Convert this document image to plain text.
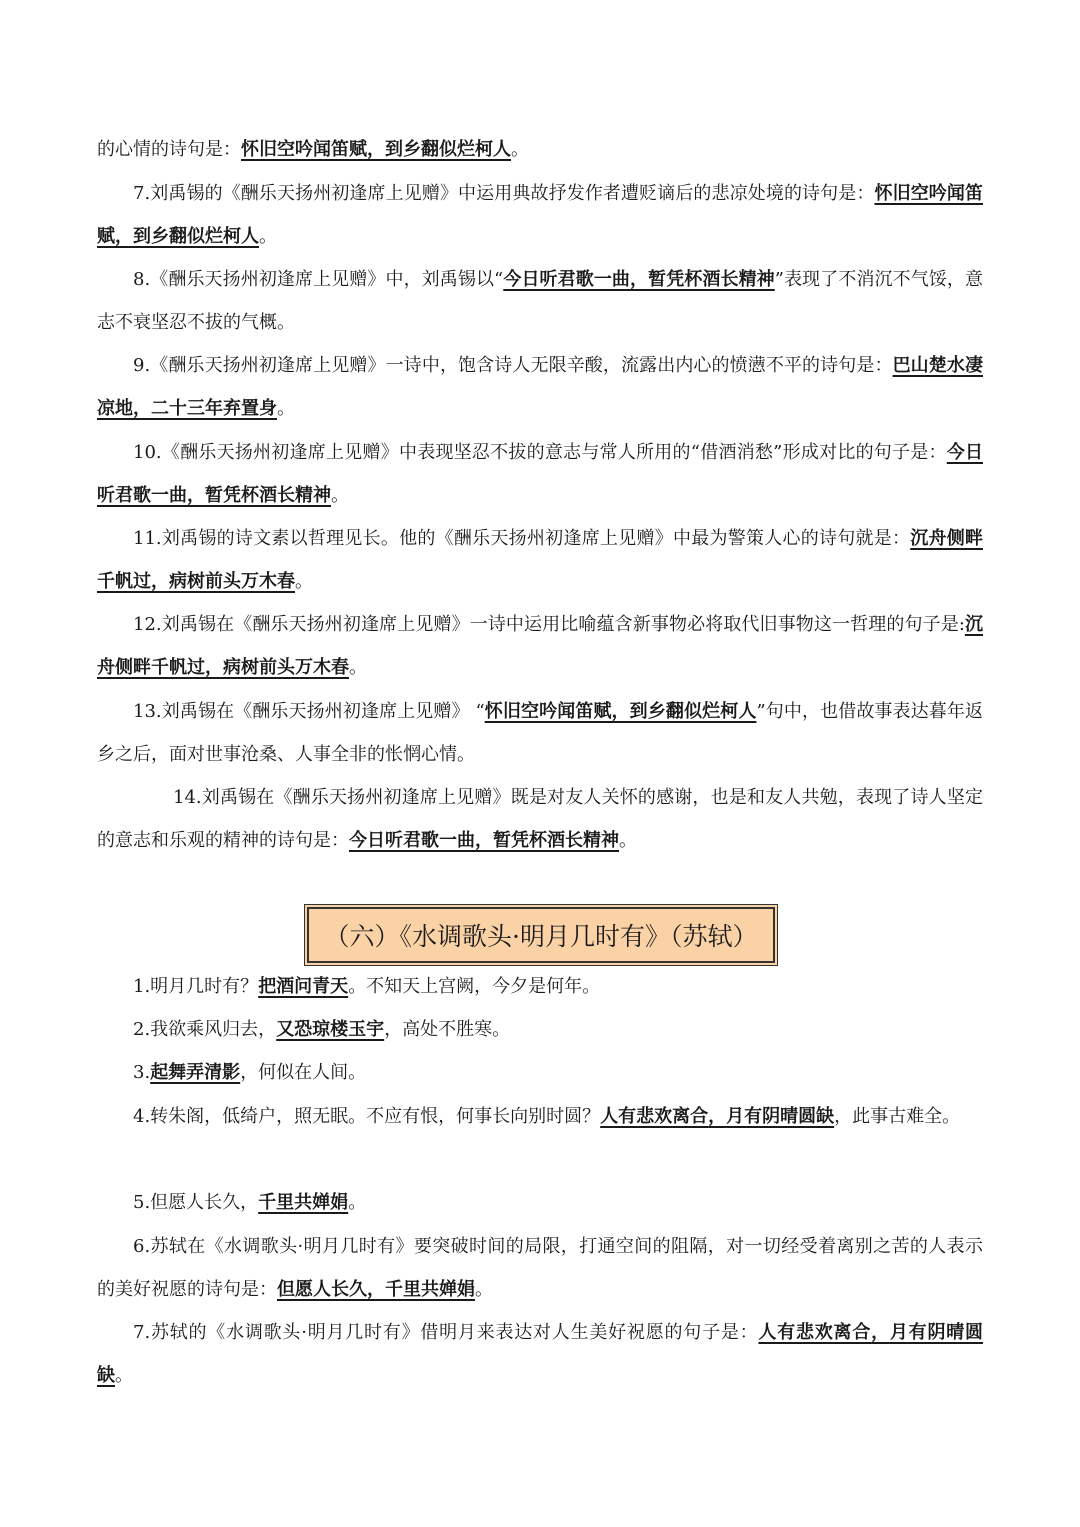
的心情的诗句是：怀旧空吟闻笛赋，到乡翻似烂柯人。

7.刘禹锡的《酬乐天扬州初逢席上见赠》中运用典故抒发作者遭贬谪后的悲凉处境的诗句是：怀旧空吟闻笛赋，到乡翻似烂柯人。

8.《酬乐天扬州初逢席上见赠》中，刘禹锡以“今日听君歌一曲，暂凭杯酒长精神”表现了不消沉不气馁，意志不衰坚忍不拔的气概。

9.《酬乐天扬州初逢席上见赠》一诗中，饱含诗人无限辛酸，流露出内心的愤懑不平的诗句是：巴山楚水凄凉地，二十三年弃置身。

10.《酬乐天扬州初逢席上见赠》中表现坚忍不拔的意志与常人所用的“借酒消愁”形成对比的句子是：今日听君歌一曲，暂凭杯酒长精神。

11.刘禹锡的诗文素以哲理见长。他的《酬乐天扬州初逢席上见赠》中最为警策人心的诗句就是：沉舟侧畔千帆过，病树前头万木春。

12.刘禹锡在《酬乐天扬州初逢席上见赠》一诗中运用比喻蕴含新事物必将取代旧事物这一哲理的句子是:沉舟侧畔千帆过，病树前头万木春。

13.刘禹锡在《酬乐天扬州初逢席上见赠》 “怀旧空吟闻笛赋，到乡翻似烂柯人”句中，也借故事表达暮年返乡之后，面对世事沧桑、人事全非的怅惘心情。

14.刘禹锡在《酬乐天扬州初逢席上见赠》既是对友人关怀的感谢，也是和友人共勉，表现了诗人坚定的意志和乐观的精神的诗句是：今日听君歌一曲，暂凭杯酒长精神。

（六）《水调歌头·明月几时有》（苏轼）

1.明月几时有？把酒问青天。不知天上宫阙，今夕是何年。

2.我欲乘风归去，又恐琼楼玉宇，高处不胜寒。

3.起舞弄清影，何似在人间。

4.转朱阁，低绮户，照无眠。不应有恨，何事长向别时圆？人有悲欢离合，月有阴晴圆缺，此事古难全。

5.但愿人长久，千里共婵娟。

6.苏轼在《水调歌头·明月几时有》要突破时间的局限，打通空间的阻隔，对一切经受着离别之苦的人表示的美好祝愿的诗句是：但愿人长久，千里共婵娟。

7.苏轼的《水调歌头·明月几时有》借明月来表达对人生美好祝愿的句子是：人有悲欢离合，月有阴晴圆缺。
